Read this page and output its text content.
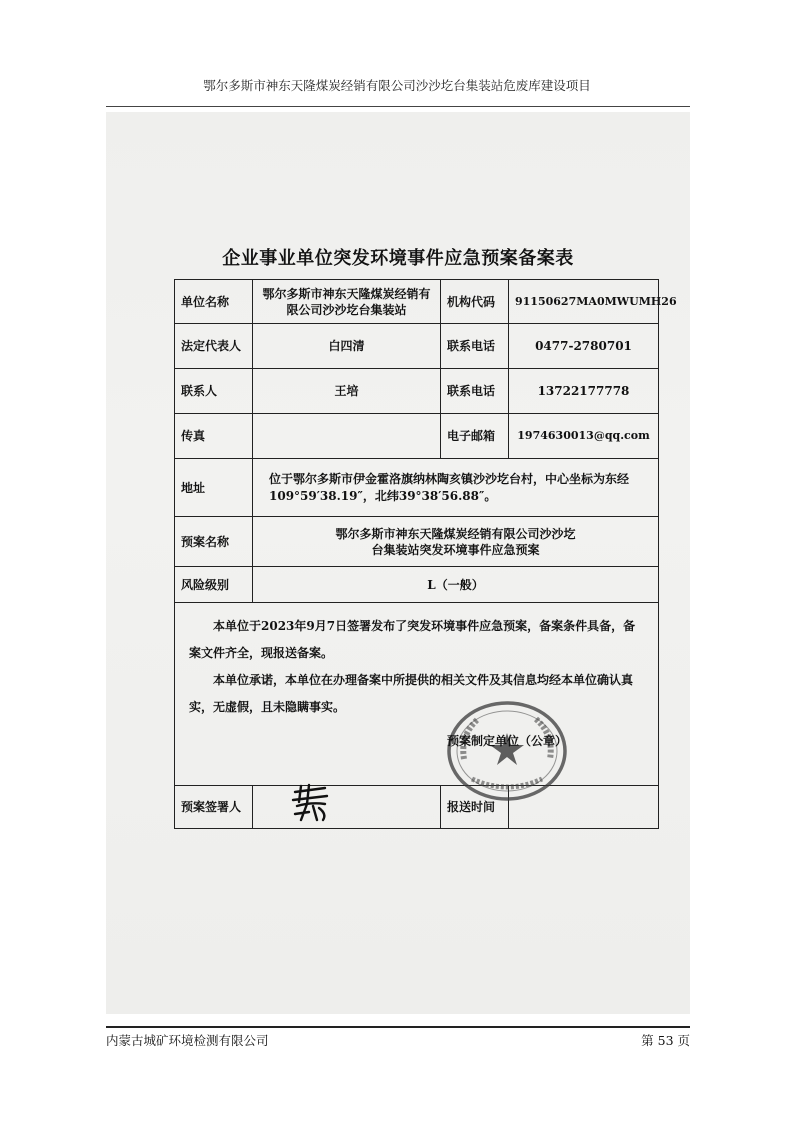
鄂尔多斯市神东天隆煤炭经销有限公司沙沙圪台集装站危废库建设项目
企业事业单位突发环境事件应急预案备案表
单位名称	鄂尔多斯市神东天隆煤炭经销有限公司沙沙圪台集装站	机构代码	91150627MA0MWUMH26
法定代表人	白四清	联系电话	0477-2780701
联系人	王培	联系电话	13722177778
传真		电子邮箱	1974630013@qq.com
地址	位于鄂尔多斯市伊金霍洛旗纳林陶亥镇沙沙圪台村，中心坐标为东经109°59′38.19″，北纬39°38′56.88″。		
预案名称	鄂尔多斯市神东天隆煤炭经销有限公司沙沙圪台集装站突发环境事件应急预案		
风险级别	L（一般）		

本单位于2023年9月7日签署发布了突发环境事件应急预案，备案条件具备，备案文件齐全，现报送备案。

本单位承诺，本单位在办理备案中所提供的相关文件及其信息均经本单位确认真实，无虚假，且未隐瞒事实。

预案制定单位（公章）			

预案签署人		报送时间	
内蒙古城矿环境检测有限公司	第 53 页
